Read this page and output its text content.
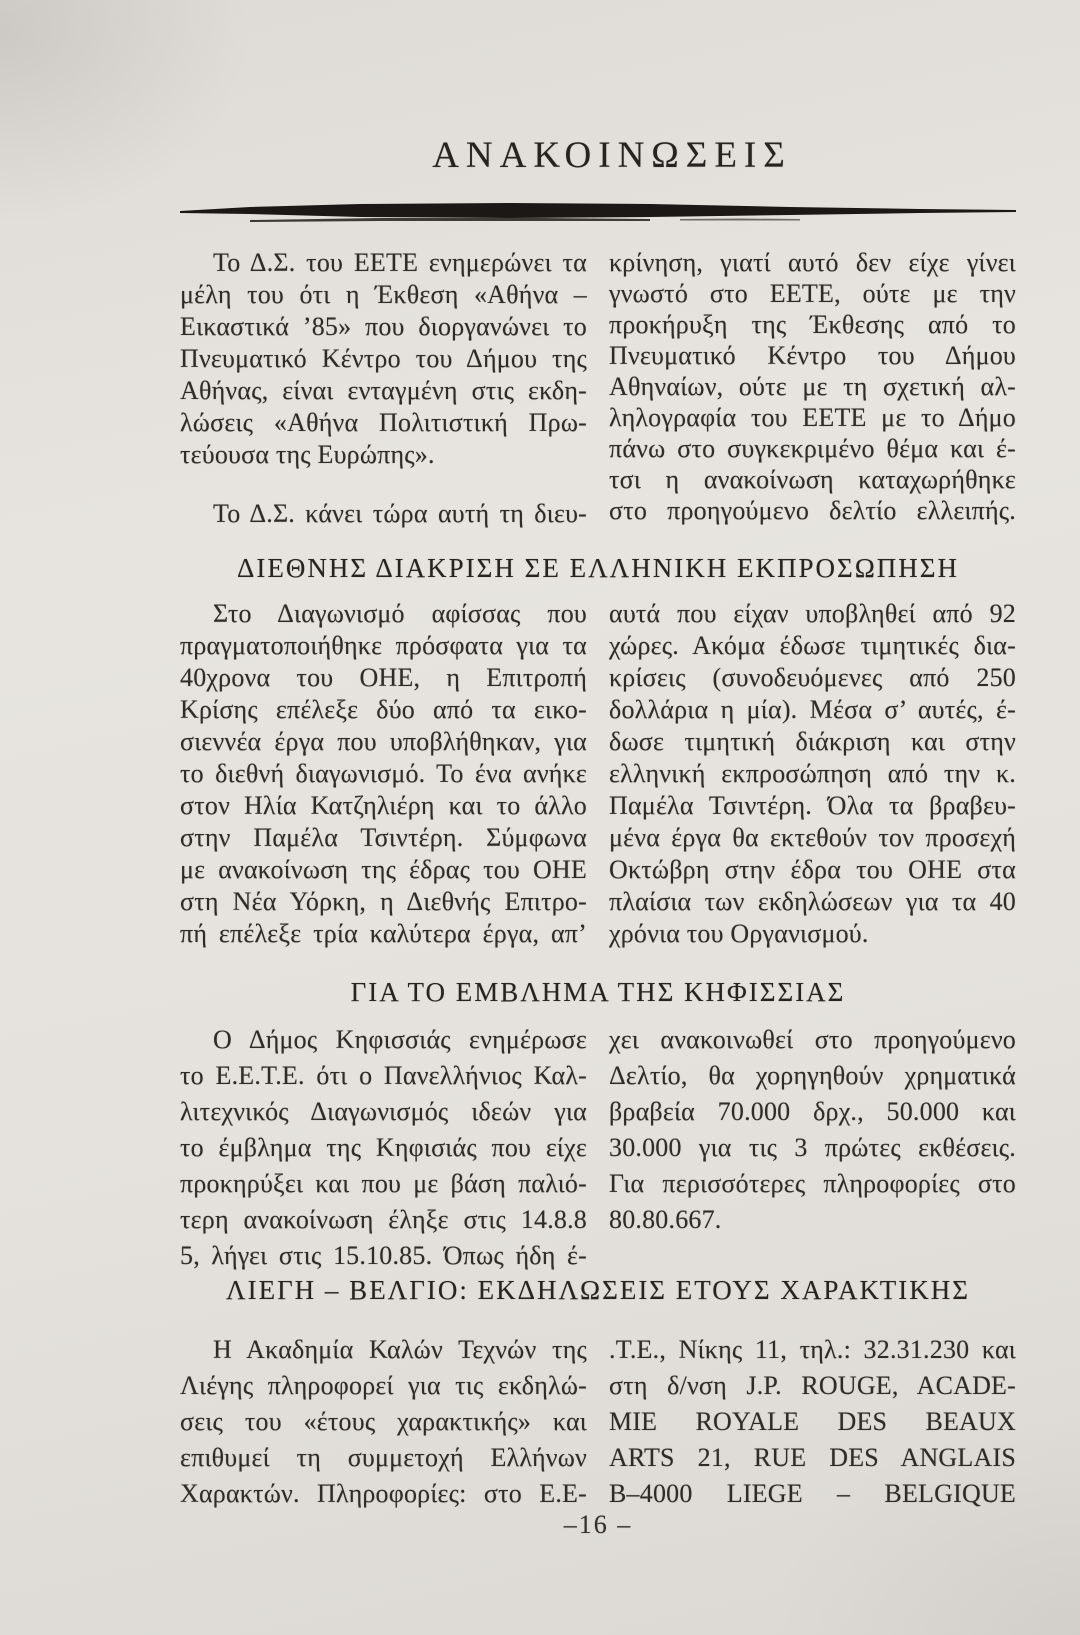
ΑΝΑΚΟΙΝΩΣΕΙΣ
Το Δ.Σ. του ΕΕΤΕ ενημερώνει τα
μέλη του ότι η Έκθεση «Αθήνα –
Εικαστικά ’85» που διοργανώνει το
Πνευματικό Κέντρο του Δήμου της
Αθήνας, είναι ενταγμένη στις εκδη-
λώσεις «Αθήνα Πολιτιστική Πρω-
τεύουσα της Ευρώπης».
Το Δ.Σ. κάνει τώρα αυτή τη διευ-
κρίνηση, γιατί αυτό δεν είχε γίνει
γνωστό στο ΕΕΤΕ, ούτε με την
προκήρυξη της Έκθεσης από το
Πνευματικό Κέντρο του Δήμου
Αθηναίων, ούτε με τη σχετική αλ-
ληλογραφία του ΕΕΤΕ με το Δήμο
πάνω στο συγκεκριμένο θέμα και έ-
τσι η ανακοίνωση καταχωρήθηκε
στο προηγούμενο δελτίο ελλειπής.
ΔΙΕΘΝΗΣ ΔΙΑΚΡΙΣΗ ΣΕ ΕΛΛΗΝΙΚΗ ΕΚΠΡΟΣΩΠΗΣΗ
Στο Διαγωνισμό αφίσσας που
πραγματοποιήθηκε πρόσφατα για τα
40χρονα του ΟΗΕ, η Επιτροπή
Κρίσης επέλεξε δύο από τα εικο-
σιεννέα έργα που υποβλήθηκαν, για
το διεθνή διαγωνισμό. Το ένα ανήκε
στον Ηλία Κατζηλιέρη και το άλλο
στην Παμέλα Τσιντέρη. Σύμφωνα
με ανακοίνωση της έδρας του ΟΗΕ
στη Νέα Υόρκη, η Διεθνής Επιτρο-
πή επέλεξε τρία καλύτερα έργα, απ’
αυτά που είχαν υποβληθεί από 92
χώρες. Ακόμα έδωσε τιμητικές δια-
κρίσεις (συνοδευόμενες από 250
δολλάρια η μία). Μέσα σ’ αυτές, έ-
δωσε τιμητική διάκριση και στην
ελληνική εκπροσώπηση από την κ.
Παμέλα Τσιντέρη. Όλα τα βραβευ-
μένα έργα θα εκτεθούν τον προσεχή
Οκτώβρη στην έδρα του ΟΗΕ στα
πλαίσια των εκδηλώσεων για τα 40
χρόνια του Οργανισμού.
ΓΙΑ ΤΟ ΕΜΒΛΗΜΑ ΤΗΣ ΚΗΦΙΣΣΙΑΣ
Ο Δήμος Κηφισσιάς ενημέρωσε
το Ε.Ε.Τ.Ε. ότι ο Πανελλήνιος Καλ-
λιτεχνικός Διαγωνισμός ιδεών για
το έμβλημα της Κηφισιάς που είχε
προκηρύξει και που με βάση παλιό-
τερη ανακοίνωση έληξε στις 14.8.8
5, λήγει στις 15.10.85. Όπως ήδη έ-
χει ανακοινωθεί στο προηγούμενο
Δελτίο, θα χορηγηθούν χρηματικά
βραβεία 70.000 δρχ., 50.000 και
30.000 για τις 3 πρώτες εκθέσεις.
Για περισσότερες πληροφορίες στο
80.80.667.
ΛΙΕΓΗ – ΒΕΛΓΙΟ: ΕΚΔΗΛΩΣΕΙΣ ΕΤΟΥΣ ΧΑΡΑΚΤΙΚΗΣ
Η Ακαδημία Καλών Τεχνών της
Λιέγης πληροφορεί για τις εκδηλώ-
σεις του «έτους χαρακτικής» και
επιθυμεί τη συμμετοχή Ελλήνων
Χαρακτών. Πληροφορίες: στο Ε.Ε-
.Τ.Ε., Νίκης 11, τηλ.: 32.31.230 και
στη δ/νση J.P. ROUGE, ACADE-
MIE ROYALE DES BEAUX
ARTS 21, RUE DES ANGLAIS
B–4000 LIEGE – BELGIQUE
–16 –
